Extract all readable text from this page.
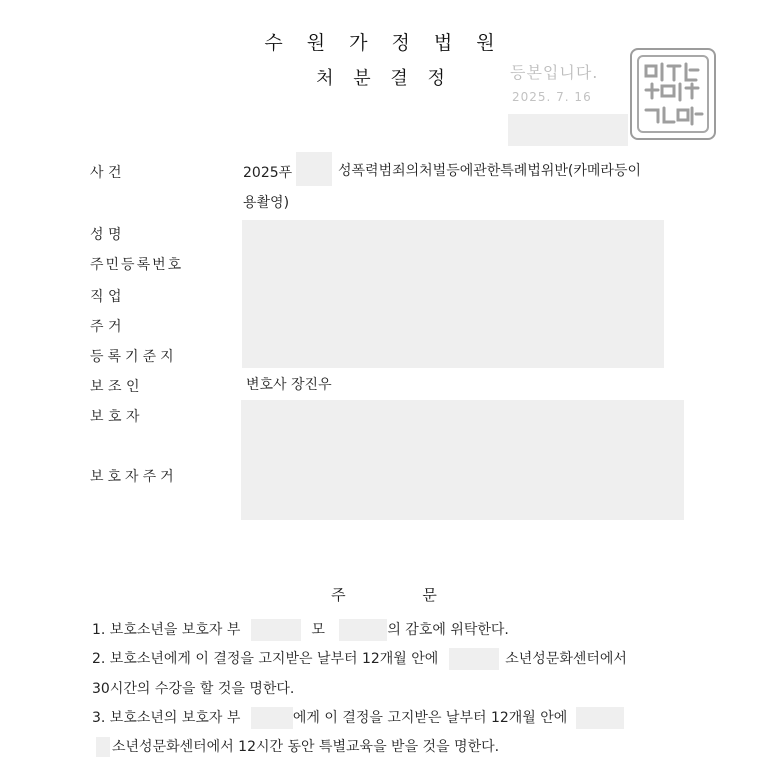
수 원 가 정 법 원
처 분 결 정	등본입니다.
2025. 7. 16
사 건	2025푸	성폭력범죄의처벌등에관한특례법위반(카메라등이
용촬영)
성 명
주민등록번호
직 업
주 거
등록기준지
보 조 인	변호사 장진우
보 호 자
보호자주거
주	문
1. 보호소년을 보호자 부	모	의 감호에 위탁한다.
2. 보호소년에게 이 결정을 고지받은 날부터 12개월 안에	소년성문화센터에서
30시간의 수강을 할 것을 명한다.
3. 보호소년의 보호자 부	에게 이 결정을 고지받은 날부터 12개월 안에
소년성문화센터에서 12시간 동안 특별교육을 받을 것을 명한다.
